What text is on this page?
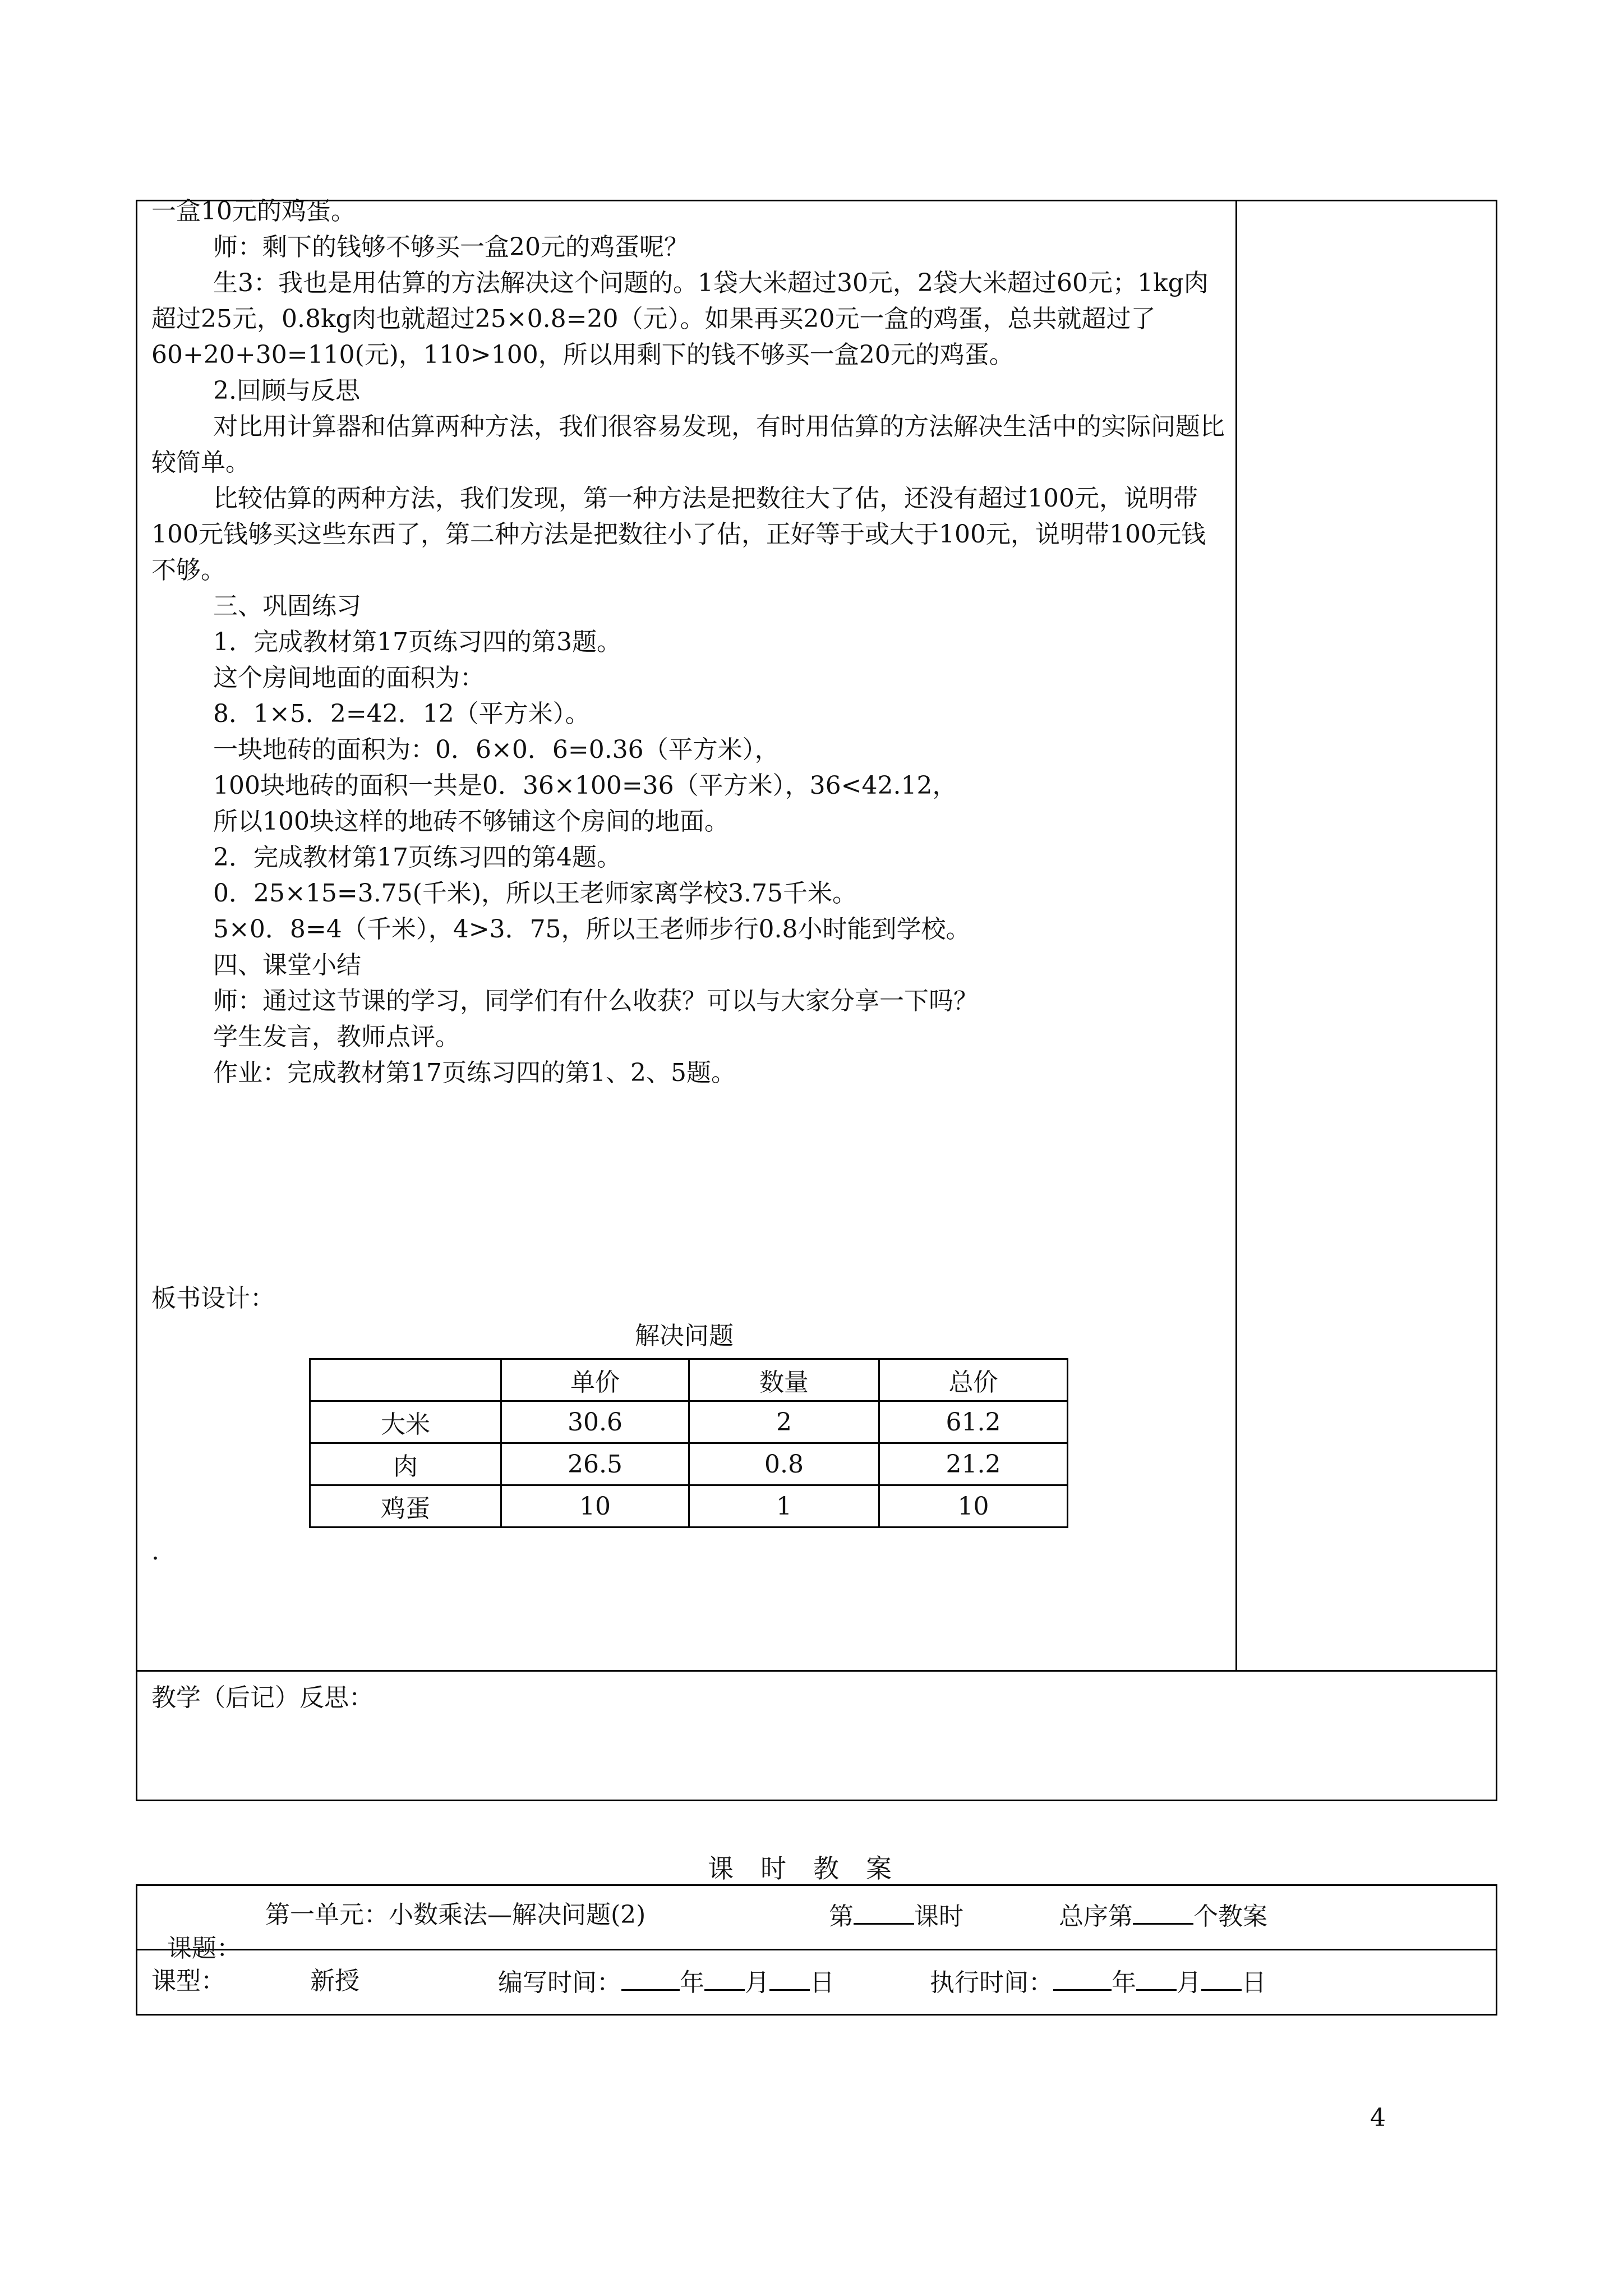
一盒10元的鸡蛋。

师：剩下的钱够不够买一盒20元的鸡蛋呢？

生3：我也是用估算的方法解决这个问题的。1袋大米超过30元，2袋大米超过60元；1kg肉超过25元，0.8kg肉也就超过25×0.8=20（元）。如果再买20元一盒的鸡蛋，总共就超过了60+20+30=110(元)，110>100，所以用剩下的钱不够买一盒20元的鸡蛋。

2.回顾与反思

对比用计算器和估算两种方法，我们很容易发现，有时用估算的方法解决生活中的实际问题比较简单。

比较估算的两种方法，我们发现，第一种方法是把数往大了估，还没有超过100元，说明带100元钱够买这些东西了，第二种方法是把数往小了估，正好等于或大于100元，说明带100元钱不够。

三、巩固练习

1．完成教材第17页练习四的第3题。

这个房间地面的面积为：

8．1×5．2=42．12（平方米）。

一块地砖的面积为：0．6×0．6=0.36（平方米），

100块地砖的面积一共是0．36×100=36（平方米），36<42.12，

所以100块这样的地砖不够铺这个房间的地面。

2．完成教材第17页练习四的第4题。

0．25×15=3.75(千米)，所以王老师家离学校3.75千米。

5×0．8=4（千米），4>3．75，所以王老师步行0.8小时能到学校。

四、课堂小结

师：通过这节课的学习，同学们有什么收获？可以与大家分享一下吗？

学生发言，教师点评。

作业：完成教材第17页练习四的第1、2、5题。

板书设计：
解决问题
	单价	数量	总价
大米	30.6	2	61.2
肉	26.5	0.8	21.2
鸡蛋	10	1	10
.
教学（后记）反思：
课时教案

课题：

第一单元：小数乘法—解决问题(2)	第 课时	总序第 个教案
课型：	新授	编写时间： 年 月 日	执行时间： 年 月 日
4
